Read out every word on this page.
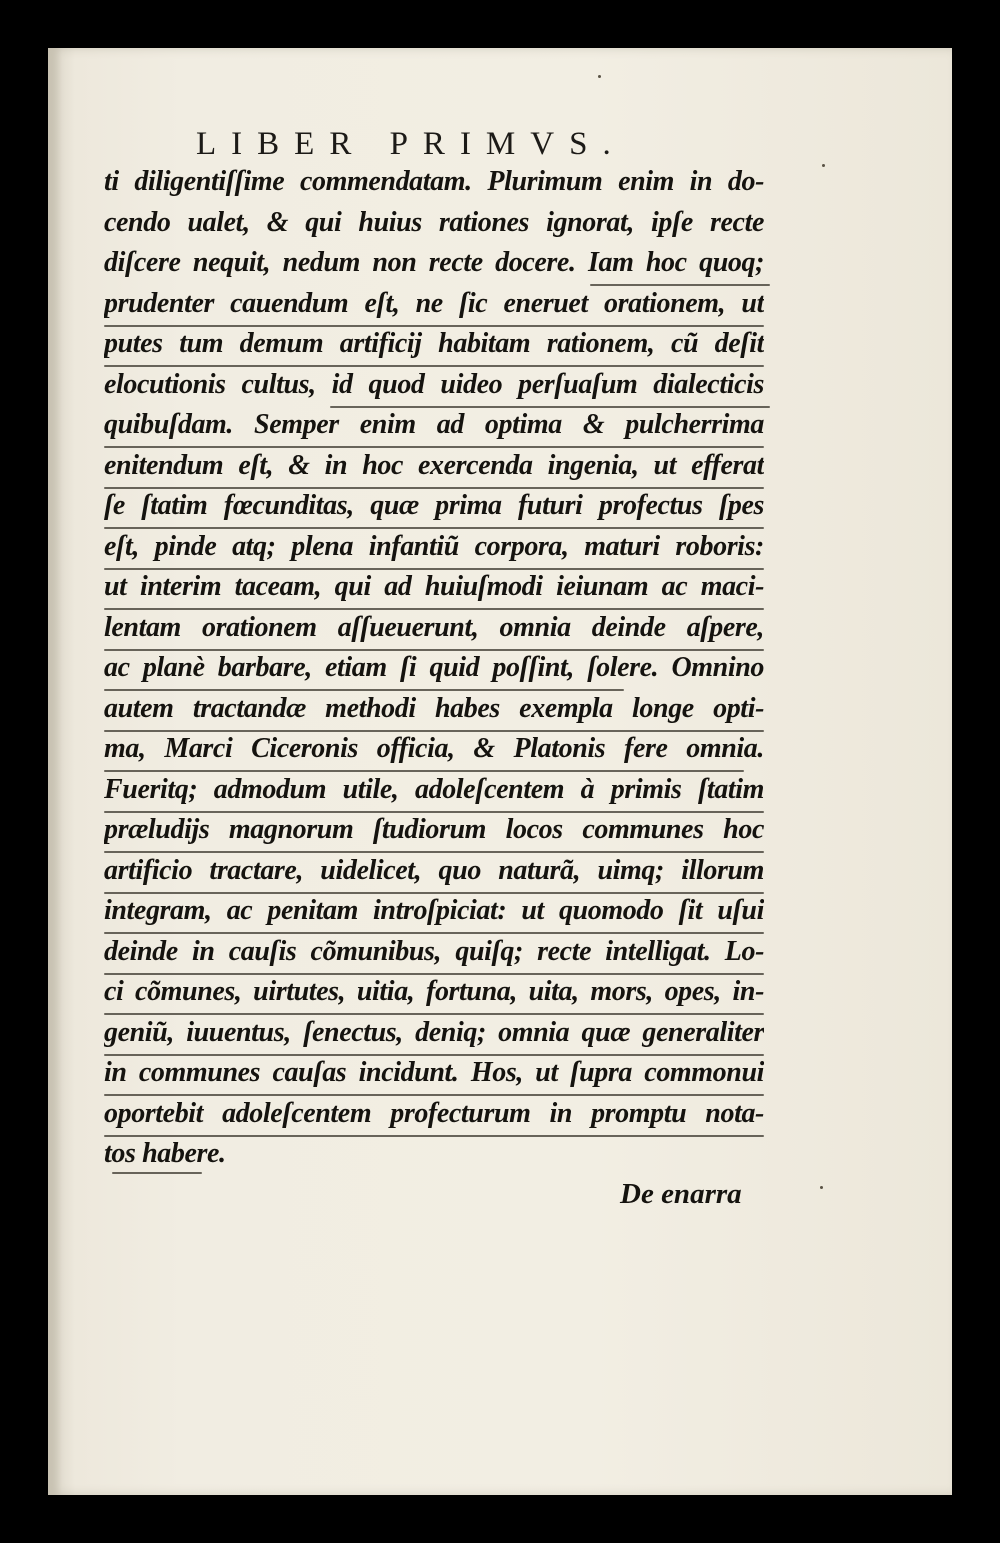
LIBER PRIMVS.
ti diligentiſſime commendatam. Plurimum enim in do-
cendo ualet, & qui huius rationes ignorat, ipſe recte
diſcere nequit, nedum non recte docere. Iam hoc quoq;
prudenter cauendum eſt, ne ſic eneruet orationem, ut
putes tum demum artificij habitam rationem, cũ deſit
elocutionis cultus, id quod uideo perſuaſum dialecticis
quibuſdam. Semper enim ad optima & pulcherrima
enitendum eſt, & in hoc exercenda ingenia, ut efferat
ſe ſtatim fœcunditas, quæ prima futuri profectus ſpes
eſt, pinde atq; plena infantiũ corpora, maturi roboris:
ut interim taceam, qui ad huiuſmodi ieiunam ac maci-
lentam orationem aſſueuerunt, omnia deinde aſpere,
ac planè barbare, etiam ſi quid poſſint, ſolere. Omnino
autem tractandæ methodi habes exempla longe opti-
ma, Marci Ciceronis officia, & Platonis fere omnia.
Fueritq; admodum utile, adoleſcentem à primis ſtatim
præludijs magnorum ſtudiorum locos communes hoc
artificio tractare, uidelicet, quo naturã, uimq; illorum
integram, ac penitam introſpiciat: ut quomodo ſit uſui
deinde in cauſis cõmunibus, quiſq; recte intelligat. Lo-
ci cõmunes, uirtutes, uitia, fortuna, uita, mors, opes, in-
geniũ, iuuentus, ſenectus, deniq; omnia quæ generaliter
in communes cauſas incidunt. Hos, ut ſupra commonui
oportebit adoleſcentem profecturum in promptu nota-
tos habere.
De enarra
